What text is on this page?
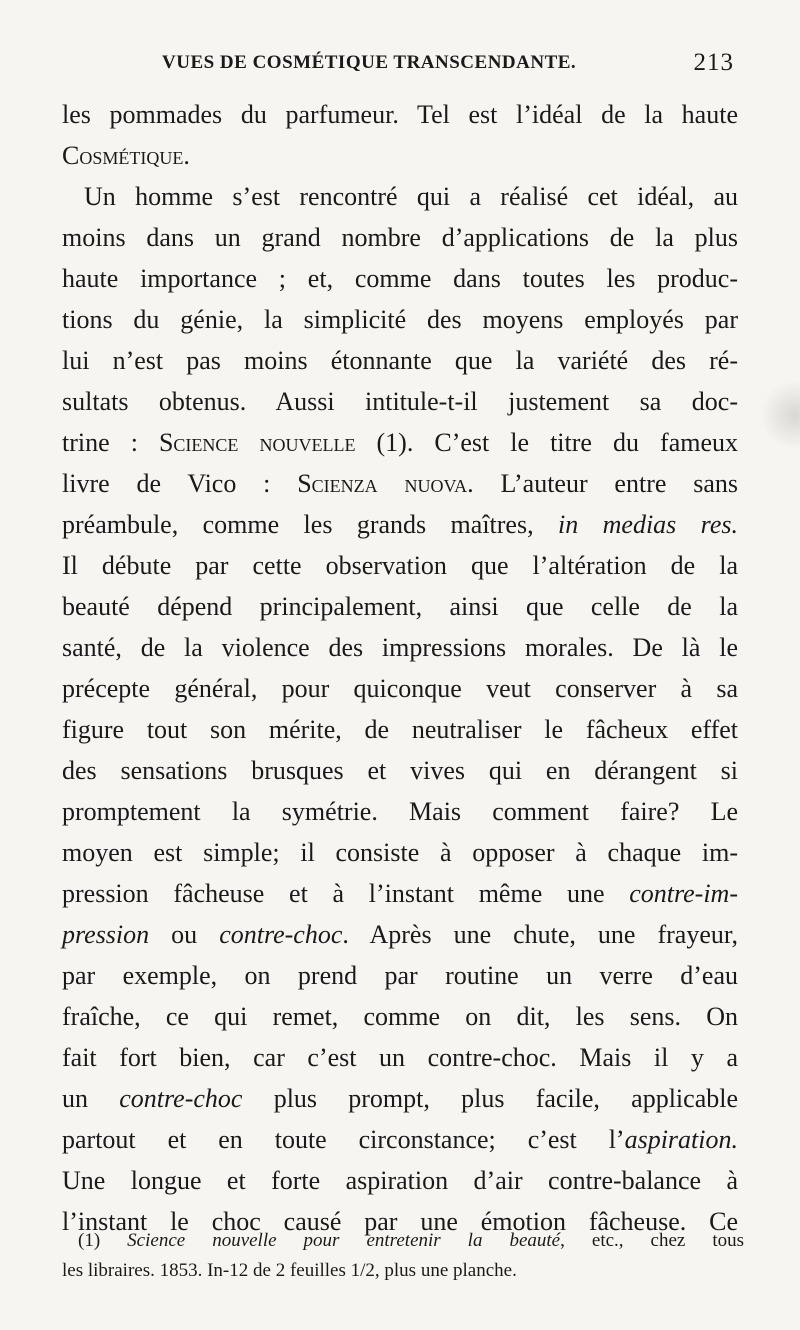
VUES DE COSMÉTIQUE TRANSCENDANTE.	213
les pommades du parfumeur. Tel est l’idéal de la haute
Cosmétique.
Un homme s’est rencontré qui a réalisé cet idéal, au
moins dans un grand nombre d’applications de la plus
haute importance ; et, comme dans toutes les produc-
tions du génie, la simplicité des moyens employés par
lui n’est pas moins étonnante que la variété des ré-
sultats obtenus. Aussi intitule-t-il justement sa doc-
trine : Science nouvelle (1). C’est le titre du fameux
livre de Vico : Scienza nuova. L’auteur entre sans
préambule, comme les grands maîtres, in medias res.
Il débute par cette observation que l’altération de la
beauté dépend principalement, ainsi que celle de la
santé, de la violence des impressions morales. De là le
précepte général, pour quiconque veut conserver à sa
figure tout son mérite, de neutraliser le fâcheux effet
des sensations brusques et vives qui en dérangent si
promptement la symétrie. Mais comment faire? Le
moyen est simple; il consiste à opposer à chaque im-
pression fâcheuse et à l’instant même une contre-im-
pression ou contre-choc. Après une chute, une frayeur,
par exemple, on prend par routine un verre d’eau
fraîche, ce qui remet, comme on dit, les sens. On
fait fort bien, car c’est un contre-choc. Mais il y a
un contre-choc plus prompt, plus facile, applicable
partout et en toute circonstance; c’est l’aspiration.
Une longue et forte aspiration d’air contre-balance à
l’instant le choc causé par une émotion fâcheuse. Ce
(1) Science nouvelle pour entretenir la beauté, etc., chez tous
les libraires. 1853. In-12 de 2 feuilles 1/2, plus une planche.
